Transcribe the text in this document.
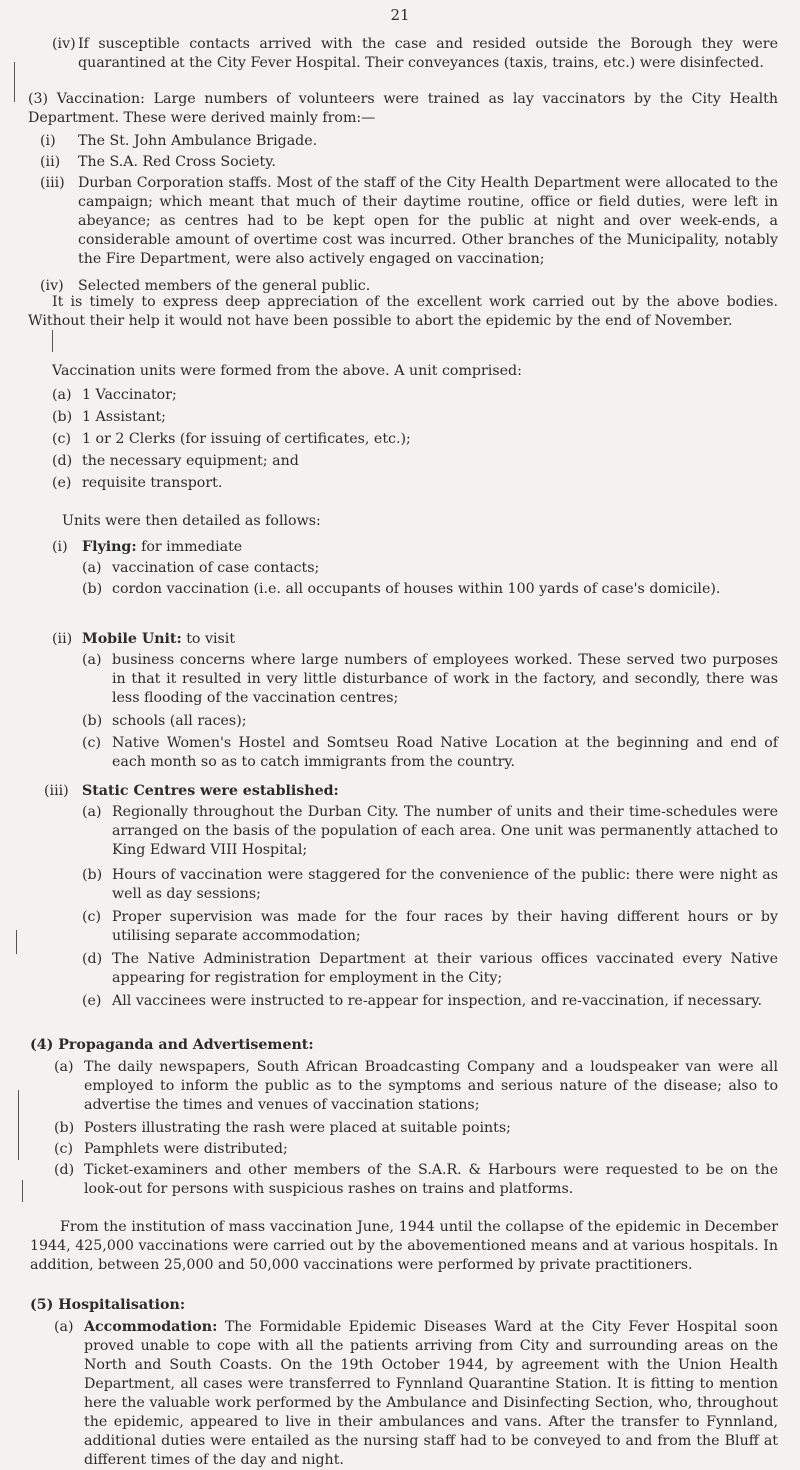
21
(iv) If susceptible contacts arrived with the case and resided outside the Borough they were quarantined at the City Fever Hospital. Their conveyances (taxis, trains, etc.) were disinfected.

(3) Vaccination: Large numbers of volunteers were trained as lay vaccinators by the City Health Department. These were derived mainly from:—

(i) The St. John Ambulance Brigade.

(ii) The S.A. Red Cross Society.

(iii) Durban Corporation staffs. Most of the staff of the City Health Department were allocated to the campaign; which meant that much of their daytime routine, office or field duties, were left in abeyance; as centres had to be kept open for the public at night and over week-ends, a considerable amount of overtime cost was incurred. Other branches of the Municipality, notably the Fire Department, were also actively engaged on vaccination;

(iv) Selected members of the general public.

It is timely to express deep appreciation of the excellent work carried out by the above bodies. Without their help it would not have been possible to abort the epidemic by the end of November.

Vaccination units were formed from the above. A unit comprised:

(a) 1 Vaccinator;

(b) 1 Assistant;

(c) 1 or 2 Clerks (for issuing of certificates, etc.);

(d) the necessary equipment; and

(e) requisite transport.

Units were then detailed as follows:

(i) Flying: for immediate

(a) vaccination of case contacts;

(b) cordon vaccination (i.e. all occupants of houses within 100 yards of case's domicile).

(ii) Mobile Unit: to visit

(a) business concerns where large numbers of employees worked. These served two purposes in that it resulted in very little disturbance of work in the factory, and secondly, there was less flooding of the vaccination centres;

(b) schools (all races);

(c) Native Women's Hostel and Somtseu Road Native Location at the beginning and end of each month so as to catch immigrants from the country.

(iii) Static Centres were established:

(a) Regionally throughout the Durban City. The number of units and their time-schedules were arranged on the basis of the population of each area. One unit was permanently attached to King Edward VIII Hospital;

(b) Hours of vaccination were staggered for the convenience of the public: there were night as well as day sessions;

(c) Proper supervision was made for the four races by their having different hours or by utilising separate accommodation;

(d) The Native Administration Department at their various offices vaccinated every Native appearing for registration for employment in the City;

(e) All vaccinees were instructed to re-appear for inspection, and re-vaccination, if necessary.

(4) Propaganda and Advertisement:

(a) The daily newspapers, South African Broadcasting Company and a loudspeaker van were all employed to inform the public as to the symptoms and serious nature of the disease; also to advertise the times and venues of vaccination stations;

(b) Posters illustrating the rash were placed at suitable points;

(c) Pamphlets were distributed;

(d) Ticket-examiners and other members of the S.A.R. & Harbours were requested to be on the look-out for persons with suspicious rashes on trains and platforms.

From the institution of mass vaccination June, 1944 until the collapse of the epidemic in December 1944, 425,000 vaccinations were carried out by the abovementioned means and at various hospitals. In addition, between 25,000 and 50,000 vaccinations were performed by private practitioners.

(5) Hospitalisation:

(a) Accommodation: The Formidable Epidemic Diseases Ward at the City Fever Hospital soon proved unable to cope with all the patients arriving from City and surrounding areas on the North and South Coasts. On the 19th October 1944, by agreement with the Union Health Department, all cases were transferred to Fynnland Quarantine Station. It is fitting to mention here the valuable work performed by the Ambulance and Disinfecting Section, who, throughout the epidemic, appeared to live in their ambulances and vans. After the transfer to Fynnland, additional duties were entailed as the nursing staff had to be conveyed to and from the Bluff at different times of the day and night.
